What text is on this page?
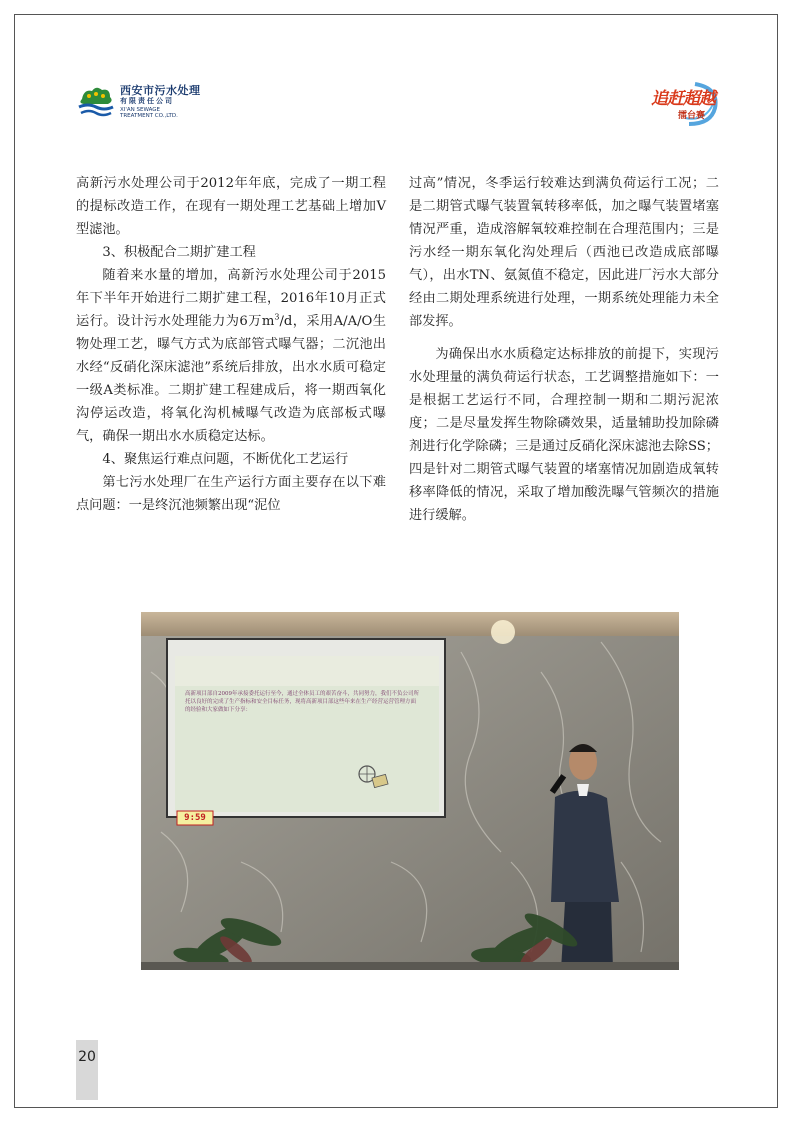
西安市污水处理
有限责任公司
XI'AN SEWAGE TREATMENT CO.,LTD.
追赶超越
擂台赛

高新污水处理公司于2012年年底，完成了一期工程的提标改造工作，在现有一期处理工艺基础上增加V型滤池。

3、积极配合二期扩建工程

随着来水量的增加，高新污水处理公司于2015年下半年开始进行二期扩建工程，2016年10月正式运行。设计污水处理能力为6万$m^3/d$，采用A/A/O生物处理工艺，曝气方式为底部管式曝气器；二沉池出水经“反硝化深床滤池”系统后排放，出水水质可稳定一级A类标准。二期扩建工程建成后，将一期西氧化沟停运改造，将氧化沟机械曝气改造为底部板式曝气，确保一期出水水质稳定达标。

4、聚焦运行难点问题，不断优化工艺运行

第七污水处理厂在生产运行方面主要存在以下难点问题：一是终沉池频繁出现“泥位

过高”情况，冬季运行较难达到满负荷运行工况；二是二期管式曝气装置氧转移率低，加之曝气装置堵塞情况严重，造成溶解氧较难控制在合理范围内；三是污水经一期东氧化沟处理后（西池已改造成底部曝气），出水TN、氨氮值不稳定，因此进厂污水大部分经由二期处理系统进行处理，一期系统处理能力未全部发挥。

为确保出水水质稳定达标排放的前提下，实现污水处理量的满负荷运行状态，工艺调整措施如下：一是根据工艺运行不同，合理控制一期和二期污泥浓度；二是尽量发挥生物除磷效果，适量辅助投加除磷剂进行化学除磷；三是通过反硝化深床滤池去除SS；四是针对二期管式曝气装置的堵塞情况加剧造成氧转移率降低的情况，采取了增加酸洗曝气管频次的措施进行缓解。

高新项目部自2009年承接委托运行至今，通过全体员工的艰苦奋斗，共同努力，我们不负公司所托以良好的完成了生产指标和安全目标任务，现将高新项目部这些年来在生产经营运营管理方面的经验和大家做如下分享：
9:59
20
